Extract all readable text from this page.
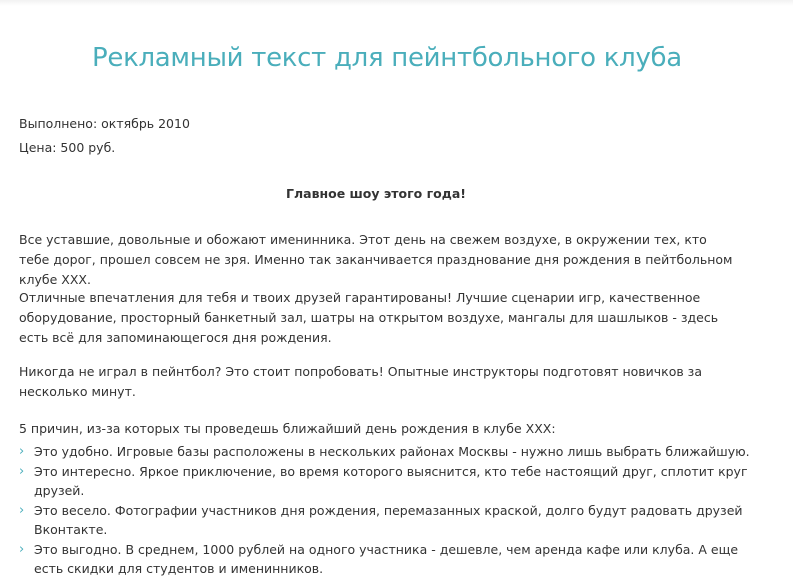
Рекламный текст для пейнтбольного клуба

Выполнено: октябрь 2010

Цена: 500 руб.

Главное шоу этого года!

Все уставшие, довольные и обожают именинника. Этот день на свежем воздухе, в окружении тех, кто тебе дорог, прошел совсем не зря. Именно так заканчивается празднование дня рождения в пейтбольном клубе ХХХ.

Отличные впечатления для тебя и твоих друзей гарантированы! Лучшие сценарии игр, качественное оборудование, просторный банкетный зал, шатры на открытом воздухе, мангалы для шашлыков - здесь есть всё для запоминающегося дня рождения.

Никогда не играл в пейнтбол? Это стоит попробовать! Опытные инструкторы подготовят новичков за несколько минут.

5 причин, из-за которых ты проведешь ближайший день рождения в клубе ХХХ:

› Это удобно. Игровые базы расположены в нескольких районах Москвы - нужно лишь выбрать ближайшую.
› Это интересно. Яркое приключение, во время которого выяснится, кто тебе настоящий друг, сплотит круг друзей.
› Это весело. Фотографии участников дня рождения, перемазанных краской, долго будут радовать друзей Вконтакте.
› Это выгодно. В среднем, 1000 рублей на одного участника - дешевле, чем аренда кафе или клуба. А еще есть скидки для студентов и именинников.
